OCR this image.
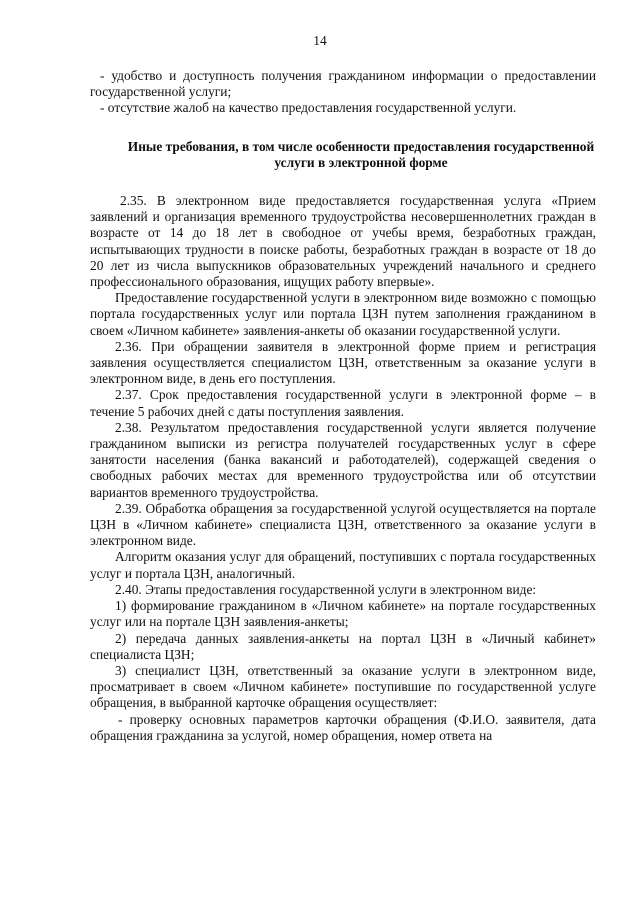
14

- удобство и доступность получения гражданином информации о предоставлении государственной услуги;

- отсутствие жалоб на качество предоставления государственной услуги.

Иные требования, в том числе особенности предоставления государственной услуги в электронной форме

2.35. В электронном виде предоставляется государственная услуга «Прием заявлений и организация временного трудоустройства несовершеннолетних граждан в возрасте от 14 до 18 лет в свободное от учебы время, безработных граждан, испытывающих трудности в поиске работы, безработных граждан в возрасте от 18 до 20 лет из числа выпускников образовательных учреждений начального и среднего профессионального образования, ищущих работу впервые».

Предоставление государственной услуги в электронном виде возможно с помощью портала государственных услуг или портала ЦЗН путем заполнения гражданином в своем «Личном кабинете» заявления-анкеты об оказании государственной услуги.

2.36. При обращении заявителя в электронной форме прием и регистрация заявления осуществляется специалистом ЦЗН, ответственным за оказание услуги в электронном виде, в день его поступления.

2.37. Срок предоставления государственной услуги в электронной форме – в течение 5 рабочих дней с даты поступления заявления.

2.38. Результатом предоставления государственной услуги является получение гражданином выписки из регистра получателей государственных услуг в сфере занятости населения (банка вакансий и работодателей), содержащей сведения о свободных рабочих местах для временного трудоустройства или об отсутствии вариантов временного трудоустройства.

2.39. Обработка обращения за государственной услугой осуществляется на портале ЦЗН в «Личном кабинете» специалиста ЦЗН, ответственного за оказание услуги в электронном виде.

Алгоритм оказания услуг для обращений, поступивших с портала государственных услуг и портала ЦЗН, аналогичный.

2.40. Этапы предоставления государственной услуги в электронном виде:

1) формирование гражданином в «Личном кабинете» на портале государственных услуг или на портале ЦЗН заявления-анкеты;

2) передача данных заявления-анкеты на портал ЦЗН в «Личный кабинет» специалиста ЦЗН;

3) специалист ЦЗН, ответственный за оказание услуги в электронном виде, просматривает в своем «Личном кабинете» поступившие по государственной услуге обращения, в выбранной карточке обращения осуществляет:

- проверку основных параметров карточки обращения (Ф.И.О. заявителя, дата обращения гражданина за услугой, номер обращения, номер ответа на
